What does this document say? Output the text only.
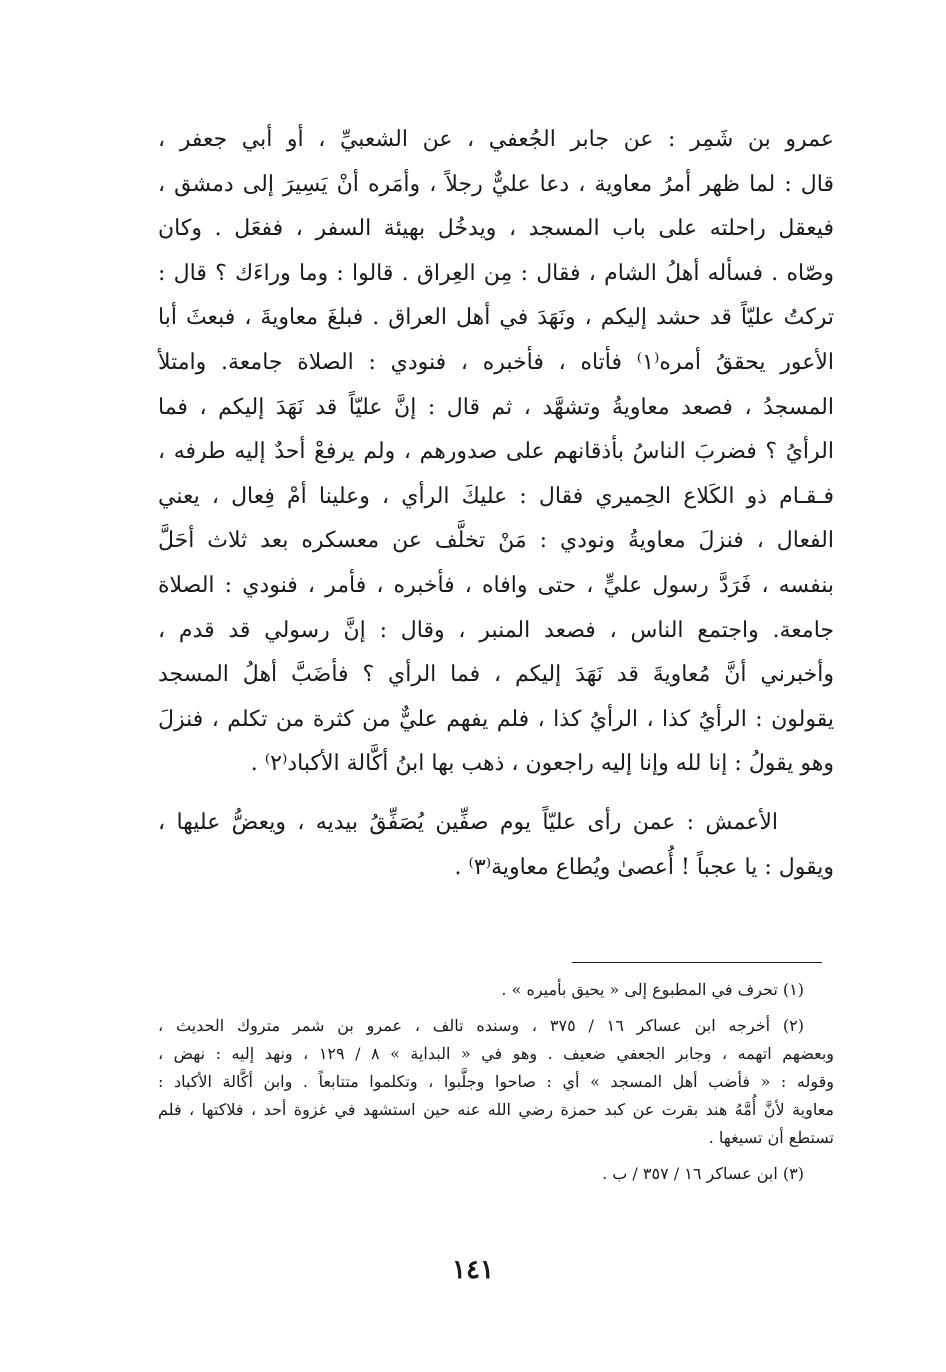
عمرو بن شَمِر : عن جابر الجُعفي ، عن الشعبيِّ ، أو أبي جعفر ،
قال : لما ظهر أمرُ معاوية ، دعا عليٌّ رجلاً ، وأمَره أنْ يَسِيرَ إلى دمشق ،
فيعقل راحلته على باب المسجد ، ويدخُل بهيئة السفر ، ففعَل . وكان
وصّاه . فسأله أهلُ الشام ، فقال : مِن العِراق . قالوا : وما وراءَك ؟ قال :
تركتُ عليّاً قد حشد إليكم ، ونَهَدَ في أهل العراق . فبلغَ معاويةَ ، فبعثَ أبا
الأعور يحققُ أمره⁽١⁾ فأتاه ، فأخبره ، فنودي : الصلاة جامعة. وامتلأ
المسجدُ ، فصعد معاويةُ وتشهَّد ، ثم قال : إنَّ عليّاً قد نَهَدَ إليكم ، فما
الرأيُ ؟ فضربَ الناسُ بأذقانهم على صدورهم ، ولم يرفعْ أحدٌ إليه طرفه ،
فـقـام ذو الكَلاع الحِميري فقال : عليكَ الرأي ، وعلينا أمْ فِعال ، يعني
الفعال ، فنزلَ معاويةُ ونودي : مَنْ تخلَّف عن معسكره بعد ثلاث أحَلَّ
بنفسه ، فَرَدَّ رسول عليٍّ ، حتى وافاه ، فأخبره ، فأمر ، فنودي : الصلاة
جامعة. واجتمع الناس ، فصعد المنبر ، وقال : إنَّ رسولي قد قدم ،
وأخبرني أنَّ مُعاويةَ قد نَهَدَ إليكم ، فما الرأي ؟ فأضَبَّ أهلُ المسجد
يقولون : الرأيُ كذا ، الرأيُ كذا ، فلم يفهم عليٌّ من كثرة من تكلم ، فنزلَ
وهو يقولُ : إنا لله وإنا إليه راجعون ، ذهب بها ابنُ أكَّالة الأكباد⁽٢⁾ .

الأعمش : عمن رأى عليّاً يوم صفِّين يُصَفِّقُ بيديه ، ويعضُّ عليها ،
ويقول : يا عجباً ! أُعصىٰ ويُطاع معاوية⁽٣⁾ .

(١) تحرف في المطبوع إلى « يحيق بأميره » .
(٢) أخرجه ابن عساكر ١٦ / ٣٧٥ ، وسنده تالف ، عمرو بن شمر متروك الحديث ،
وبعضهم اتهمه ، وجابر الجعفي ضعيف . وهو في « البداية » ٨ / ١٢٩ ، ونهد إليه : نهض ،
وقوله : « فأضب أهل المسجد » أي : صاحوا وجلَّبوا ، وتكلموا متتابعاً . وابن أكَّالة الأكباد :
معاوية لأنَّ أُمَّهُ هند بقرت عن كبد حمزة رضي الله عنه حين استشهد في غزوة أحد ، فلاكتها ، فلم
تستطع أن تسيغها .
(٣) ابن عساكر ١٦ / ٣٥٧ / ب .
١٤١
